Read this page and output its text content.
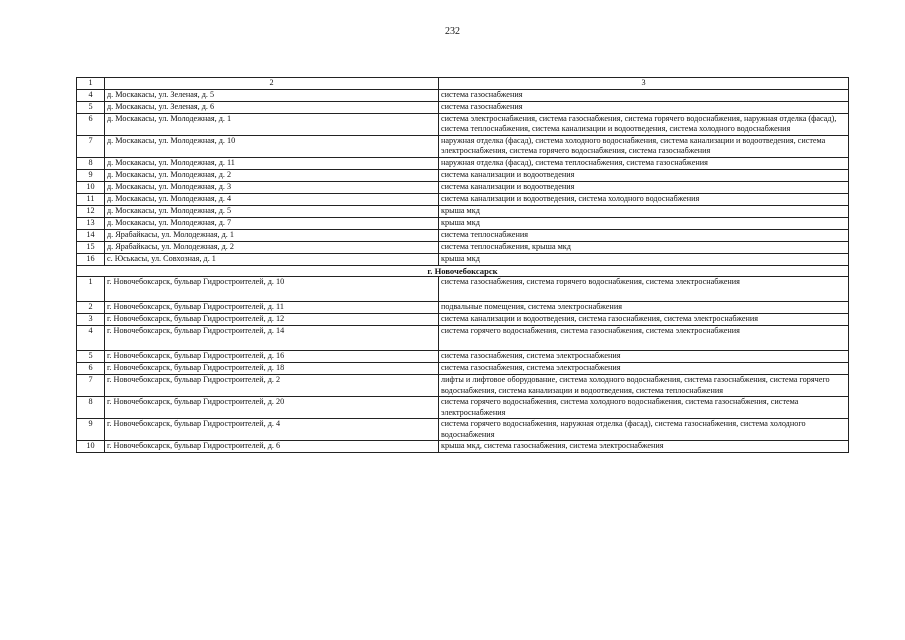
232
1	2	3
4	д. Москакасы, ул. Зеленая, д. 5	система газоснабжения
5	д. Москакасы, ул. Зеленая, д. 6	система газоснабжения
6	д. Москакасы, ул. Молодежная, д. 1	система электроснабжения, система газоснабжения, система горячего водоснабжения, наружная отделка (фасад), система теплоснабжения, система канализации и водоотведения, система холодного водоснабжения
7	д. Москакасы, ул. Молодежная, д. 10	наружная отделка (фасад), система холодного водоснабжения, система канализации и водоотведения, система электроснабжения, система горячего водоснабжения, система газоснабжения
8	д. Москакасы, ул. Молодежная, д. 11	наружная отделка (фасад), система теплоснабжения, система газоснабжения
9	д. Москакасы, ул. Молодежная, д. 2	система канализации и водоотведения
10	д. Москакасы, ул. Молодежная, д. 3	система канализации и водоотведения
11	д. Москакасы, ул. Молодежная, д. 4	система канализации и водоотведения, система холодного водоснабжения
12	д. Москакасы, ул. Молодежная, д. 5	крыша мкд
13	д. Москакасы, ул. Молодежная, д. 7	крыша мкд
14	д. Ярабайкасы, ул. Молодежная, д. 1	система теплоснабжения
15	д. Ярабайкасы, ул. Молодежная, д. 2	система теплоснабжения, крыша мкд
16	с. Юськасы, ул. Совхозная, д. 1	крыша мкд
г. Новочебоксарск		
1	г. Новочебоксарск, бульвар Гидростроителей, д. 10	система газоснабжения, система горячего водоснабжения, система электроснабжения
2	г. Новочебоксарск, бульвар Гидростроителей, д. 11	подвальные помещения, система электроснабжения
3	г. Новочебоксарск, бульвар Гидростроителей, д. 12	система канализации и водоотведения, система газоснабжения, система электроснабжения
4	г. Новочебоксарск, бульвар Гидростроителей, д. 14	система горячего водоснабжения, система газоснабжения, система электроснабжения
5	г. Новочебоксарск, бульвар Гидростроителей, д. 16	система газоснабжения, система электроснабжения
6	г. Новочебоксарск, бульвар Гидростроителей, д. 18	система газоснабжения, система электроснабжения
7	г. Новочебоксарск, бульвар Гидростроителей, д. 2	лифты и лифтовое оборудование, система холодного водоснабжения, система газоснабжения, система горячего водоснабжения, система канализации и водоотведения, система теплоснабжения
8	г. Новочебоксарск, бульвар Гидростроителей, д. 20	система горячего водоснабжения, система холодного водоснабжения, система газоснабжения, система электроснабжения
9	г. Новочебоксарск, бульвар Гидростроителей, д. 4	система горячего водоснабжения, наружная отделка (фасад), система газоснабжения, система холодного водоснабжения
10	г. Новочебоксарск, бульвар Гидростроителей, д. 6	крыша мкд, система газоснабжения, система электроснабжения
